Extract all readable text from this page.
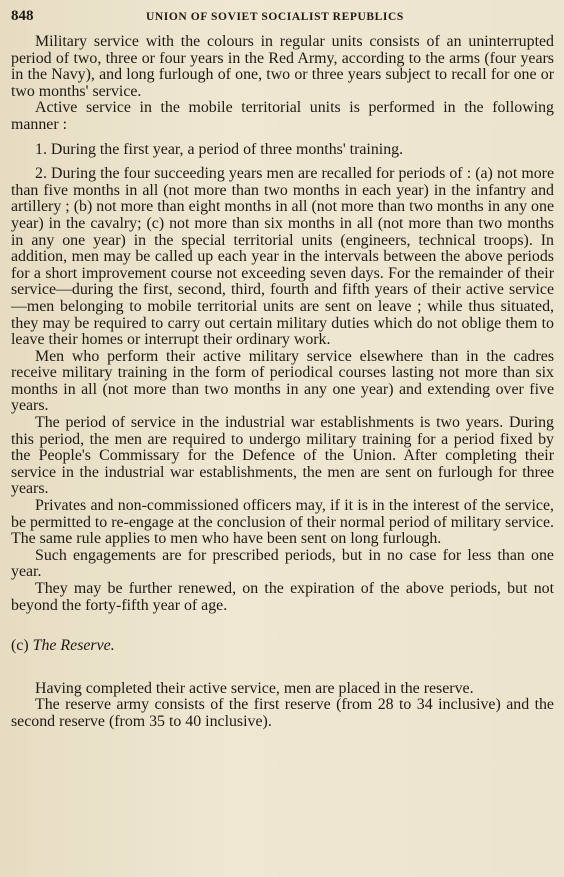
848	UNION OF SOVIET SOCIALIST REPUBLICS

Military service with the colours in regular units consists of an uninterrupted period of two, three or four years in the Red Army, according to the arms (four years in the Navy), and long furlough of one, two or three years subject to recall for one or two months' service.

Active service in the mobile territorial units is performed in the following manner :

1. During the first year, a period of three months' training.

2. During the four succeeding years men are recalled for periods of : (a) not more than five months in all (not more than two months in each year) in the infantry and artillery ; (b) not more than eight months in all (not more than two months in any one year) in the cavalry; (c) not more than six months in all (not more than two months in any one year) in the special territorial units (engineers, technical troops). In addition, men may be called up each year in the intervals between the above periods for a short improvement course not exceeding seven days. For the remainder of their service—during the first, second, third, fourth and fifth years of their active service—men belonging to mobile territorial units are sent on leave ; while thus situated, they may be required to carry out certain military duties which do not oblige them to leave their homes or interrupt their ordinary work.

Men who perform their active military service elsewhere than in the cadres receive military training in the form of periodical courses lasting not more than six months in all (not more than two months in any one year) and extending over five years.

The period of service in the industrial war establishments is two years. During this period, the men are required to undergo military training for a period fixed by the People's Commissary for the Defence of the Union. After completing their service in the industrial war establishments, the men are sent on furlough for three years.

Privates and non-commissioned officers may, if it is in the interest of the service, be permitted to re-engage at the conclusion of their normal period of military service. The same rule applies to men who have been sent on long furlough.

Such engagements are for prescribed periods, but in no case for less than one year.

They may be further renewed, on the expiration of the above periods, but not beyond the forty-fifth year of age.

(c) The Reserve.

Having completed their active service, men are placed in the reserve.

The reserve army consists of the first reserve (from 28 to 34 inclusive) and the second reserve (from 35 to 40 inclusive).
